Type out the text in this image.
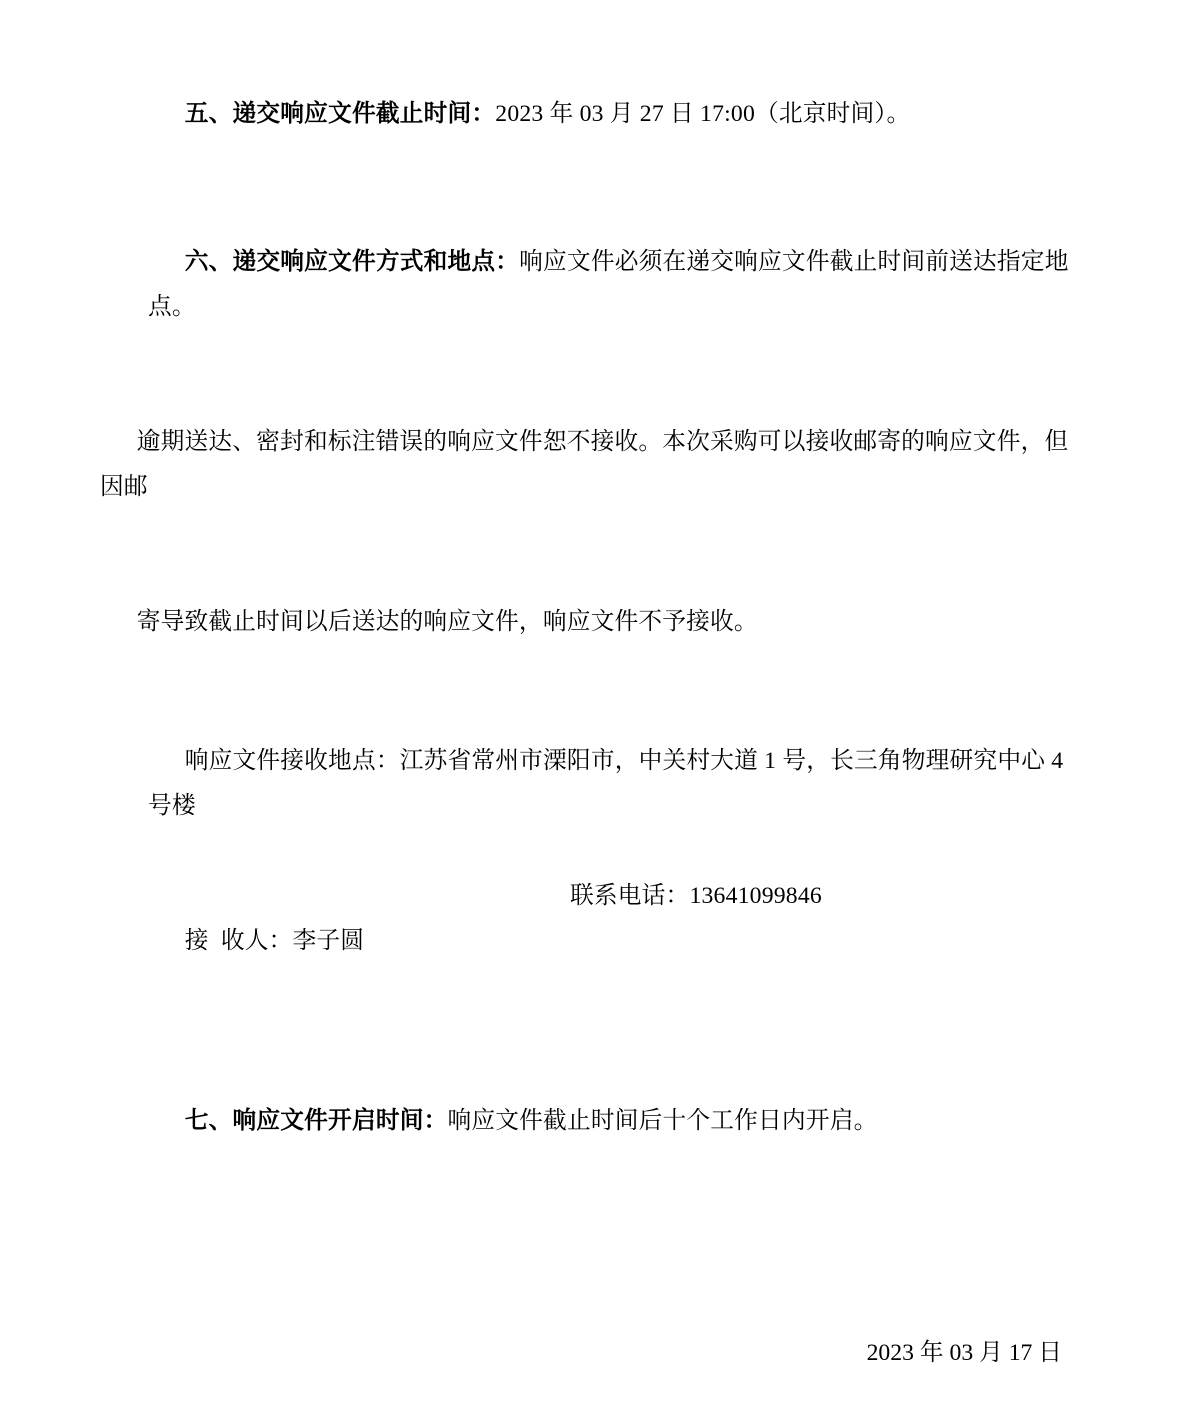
五、递交响应文件截止时间：2023 年 03 月 27 日 17:00（北京时间）。

六、递交响应文件方式和地点：响应文件必须在递交响应文件截止时间前送达指定地点。

逾期送达、密封和标注错误的响应文件恕不接收。本次采购可以接收邮寄的响应文件，但因邮

寄导致截止时间以后送达的响应文件，响应文件不予接收。

响应文件接收地点：江苏省常州市溧阳市，中关村大道 1 号，长三角物理研究中心 4 号楼

接  收人：李子圆

联系电话：13641099846

七、响应文件开启时间：响应文件截止时间后十个工作日内开启。

2023 年 03 月 17 日
